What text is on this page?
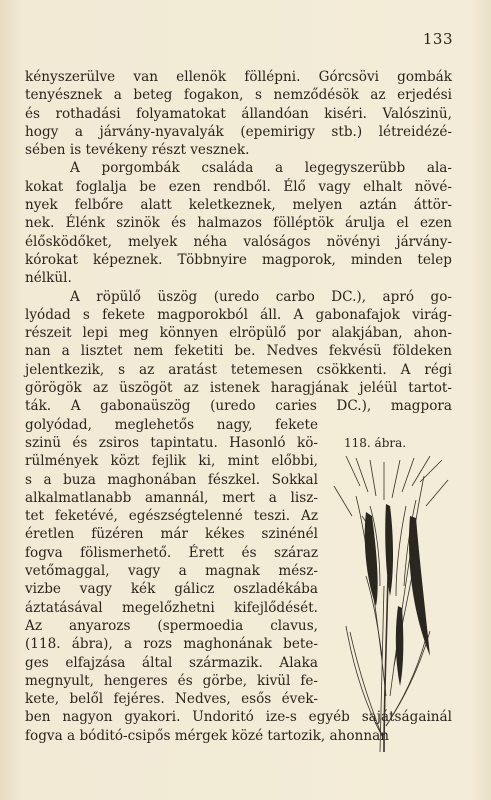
133
kényszerülve van ellenök föllépni. Górcsövi gombák
tenyésznek a beteg fogakon, s nemződésök az erjedési
és rothadási folyamatokat állandóan kiséri. Valószinü,
hogy a járvány-nyavalyák (epemirigy stb.) létreidézé-
sében is tevékeny részt vesznek.
A porgombák családa a legegyszerübb ala-
kokat foglalja be ezen rendből. Élő vagy elhalt növé-
nyek felbőre alatt keletkeznek, melyen aztán áttör-
nek. Élénk szinök és halmazos fölléptök árulja el ezen
élősködőket, melyek néha valóságos növényi járvány-
kórokat képeznek. Többnyire magporok, minden telep
nélkül.
A röpülő üszög (uredo carbo DC.), apró go-
lyódad s fekete magporokból áll. A gabonafajok virág-
részeit lepi meg könnyen elröpülő por alakjában, ahon-
nan a lisztet nem feketiti be. Nedves fekvésü földeken
jelentkezik, s az aratást tetemesen csökkenti. A régi
görögök az üszögöt az istenek haragjának jeléül tartot-
ták. A gabonaüszög (uredo caries DC.), magpora
golyódad, meglehetős nagy, fekete
szinü és zsiros tapintatu. Hasonló kö-
rülmények közt fejlik ki, mint előbbi,
s a buza maghonában fészkel. Sokkal
alkalmatlanabb amannál, mert a lisz-
tet feketévé, egészségtelenné teszi. Az
éretlen füzéren már kékes szinénél
fogva fölismerhető. Érett és száraz
vetőmaggal, vagy a magnak mész-
vizbe vagy kék gálicz oszladékába
áztatásával megelőzhetni kifejlődését.
Az anyarozs (spermoedia clavus,
(118. ábra), a rozs maghonának bete-
ges elfajzása által származik. Alaka
megnyult, hengeres és görbe, kivül fe-
kete, belől fejéres. Nedves, esős évek-
ben nagyon gyakori. Undoritó ize-s egyéb sajátságainál
fogva a bóditó-csipős mérgek közé tartozik, ahonnan
118. ábra.
